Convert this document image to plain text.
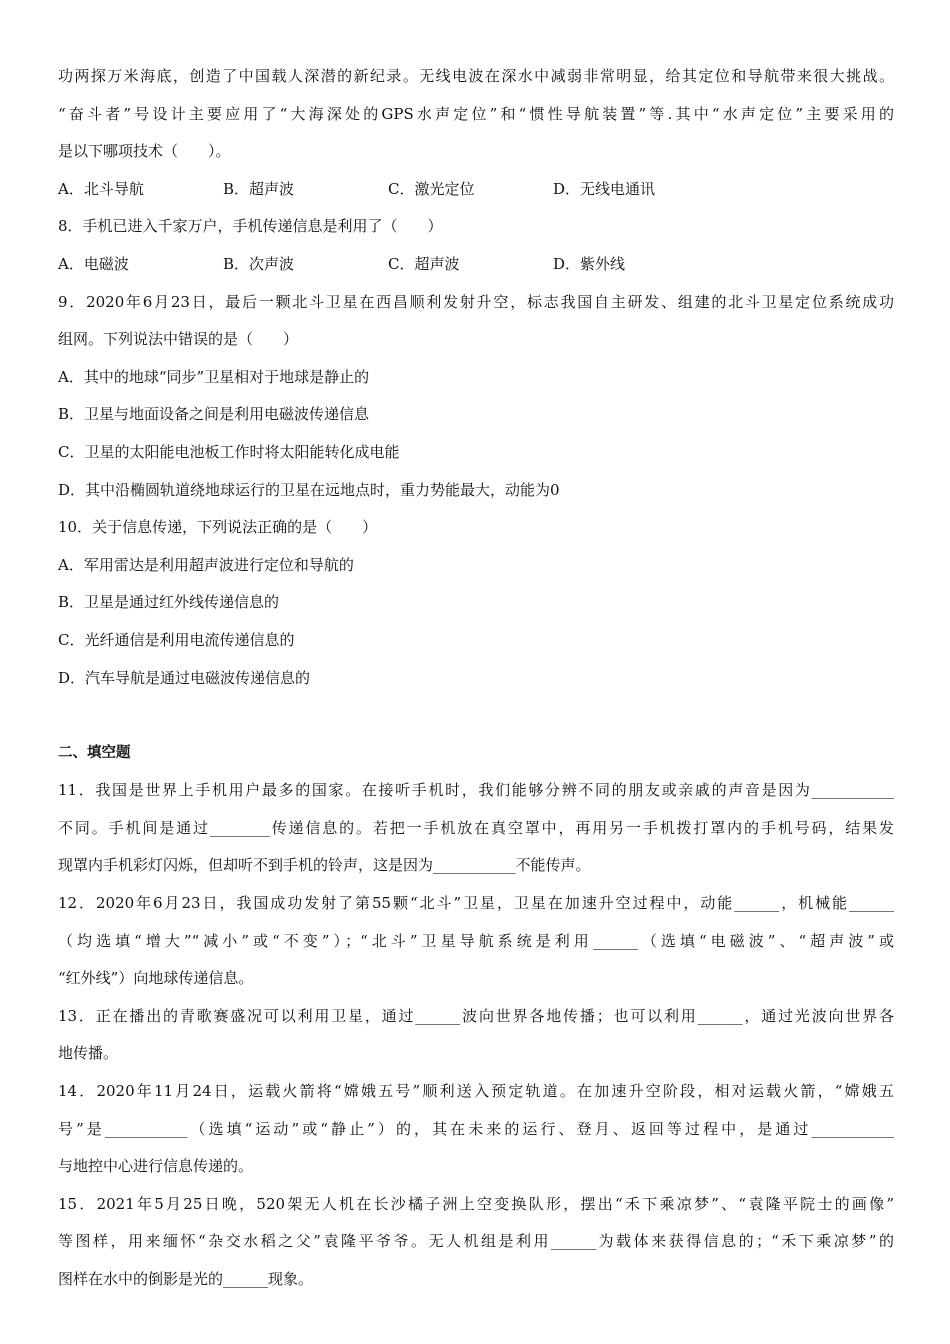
功两探万米海底，创造了中国载人深潜的新纪录。无线电波在深水中减弱非常明显，给其定位和导航带来很大挑战。
“奋斗者”号设计主要应用了“大海深处的GPS水声定位”和“惯性导航装置”等.其中“水声定位”主要采用的
是以下哪项技术（　　）。
A．北斗导航	B．超声波	C．激光定位	D．无线电通讯
8．手机已进入千家万户，手机传递信息是利用了（　　）
A．电磁波	B．次声波	C．超声波	D．紫外线
9．2020年6月23日，最后一颗北斗卫星在西昌顺利发射升空，标志我国自主研发、组建的北斗卫星定位系统成功
组网。下列说法中错误的是（　　）
A．其中的地球“同步”卫星相对于地球是静止的
B．卫星与地面设备之间是利用电磁波传递信息
C．卫星的太阳能电池板工作时将太阳能转化成电能
D．其中沿椭圆轨道绕地球运行的卫星在远地点时，重力势能最大，动能为0
10．关于信息传递，下列说法正确的是（　　）
A．军用雷达是利用超声波进行定位和导航的
B．卫星是通过红外线传递信息的
C．光纤通信是利用电流传递信息的
D．汽车导航是通过电磁波传递信息的
二、填空题
11．我国是世界上手机用户最多的国家。在接听手机时，我们能够分辨不同的朋友或亲戚的声音是因为___________
不同。手机间是通过________传递信息的。若把一手机放在真空罩中，再用另一手机拨打罩内的手机号码，结果发
现罩内手机彩灯闪烁，但却听不到手机的铃声，这是因为___________不能传声。
12．2020年6月23日，我国成功发射了第55颗“北斗”卫星，卫星在加速升空过程中，动能______，机械能______
（均选填“增大”“减小”或“不变”）；“北斗”卫星导航系统是利用______（选填“电磁波”、“超声波”或
“红外线”）向地球传递信息。
13．正在播出的青歌赛盛况可以利用卫星，通过______波向世界各地传播；也可以利用______，通过光波向世界各
地传播。
14．2020年11月24日，运载火箭将“嫦娥五号”顺利送入预定轨道。在加速升空阶段，相对运载火箭，“嫦娥五
号”是___________（选填“运动”或“静止”）的，其在未来的运行、登月、返回等过程中，是通过___________
与地控中心进行信息传递的。
15．2021年5月25日晚，520架无人机在长沙橘子洲上空变换队形，摆出“禾下乘凉梦”、“袁隆平院士的画像”
等图样，用来缅怀“杂交水稻之父”袁隆平爷爷。无人机组是利用______为载体来获得信息的；“禾下乘凉梦”的
图样在水中的倒影是光的______现象。
